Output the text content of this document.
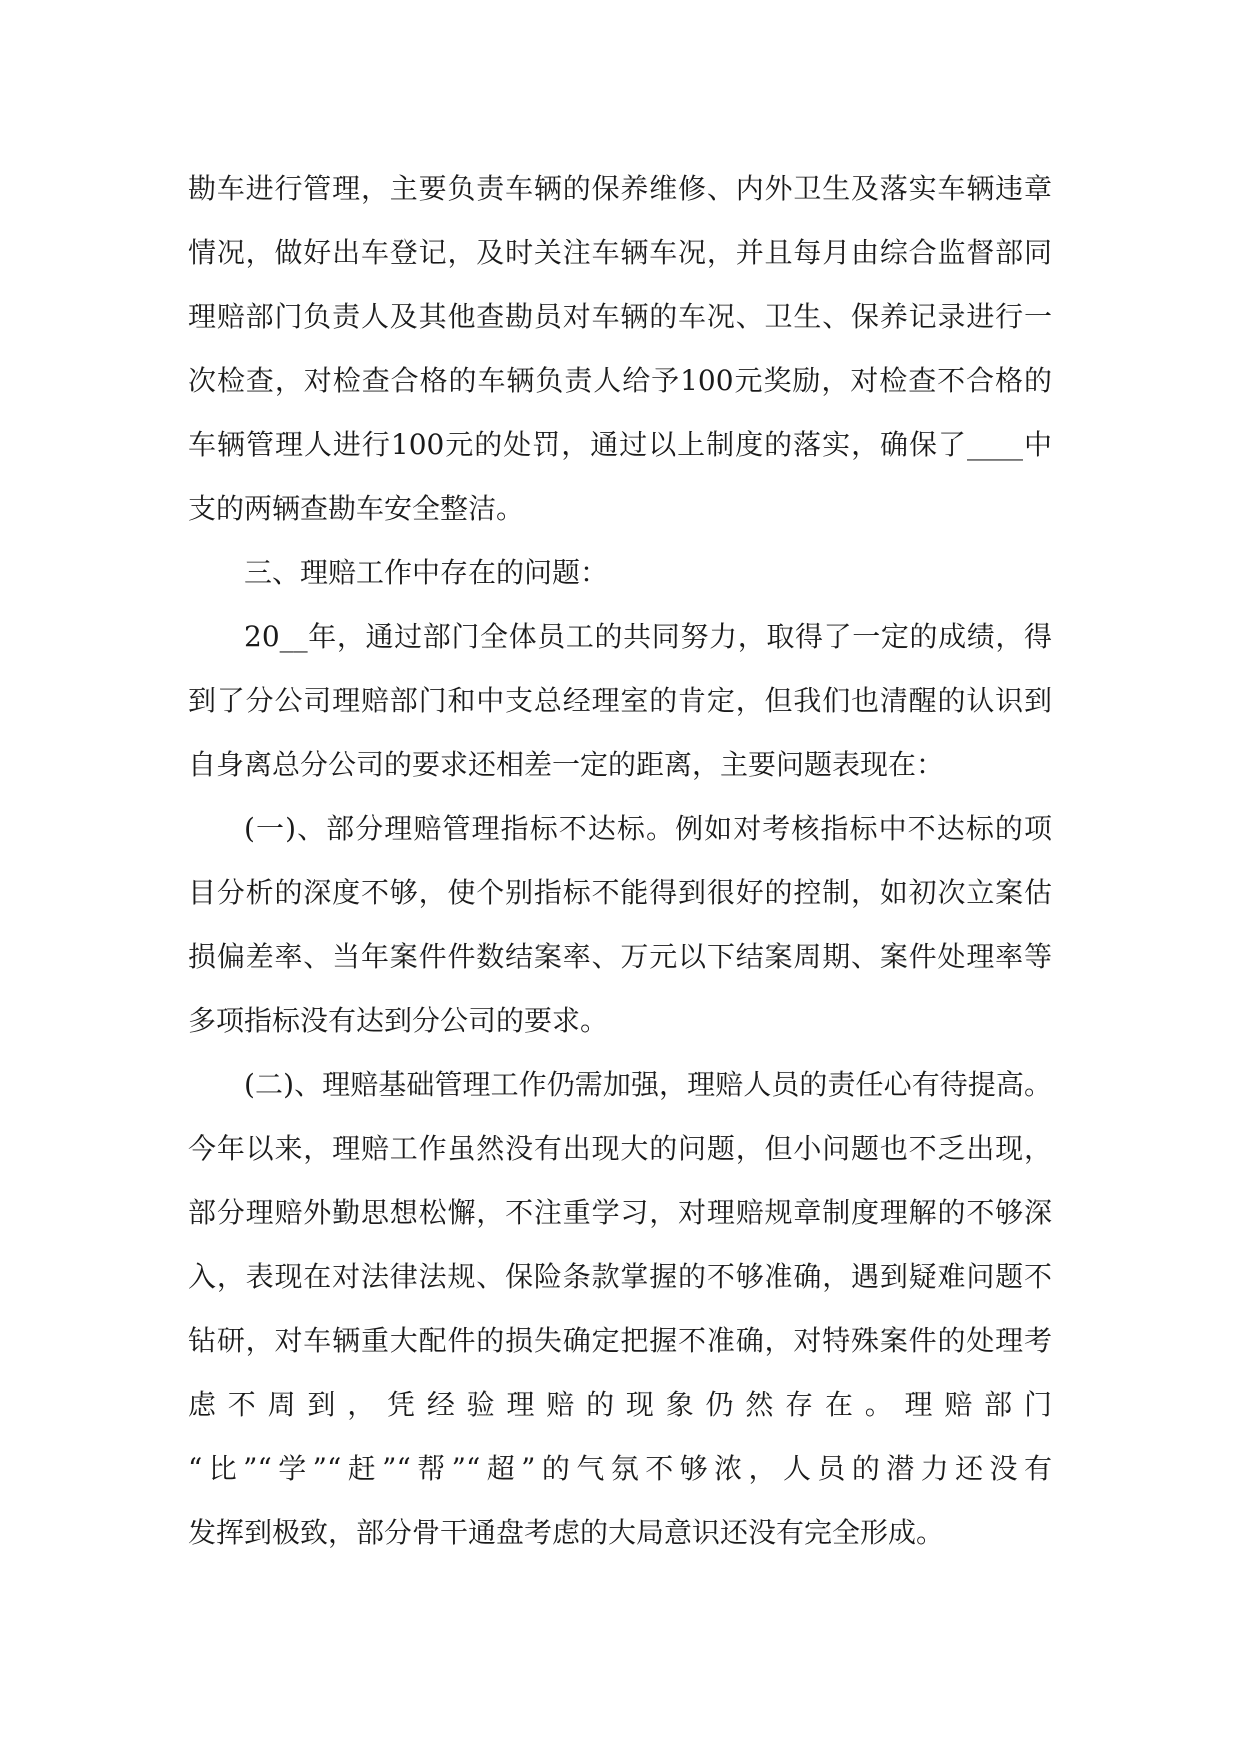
勘车进行管理，主要负责车辆的保养维修、内外卫生及落实车辆违章
情况，做好出车登记，及时关注车辆车况，并且每月由综合监督部同
理赔部门负责人及其他查勘员对车辆的车况、卫生、保养记录进行一
次检查，对检查合格的车辆负责人给予100元奖励，对检查不合格的
车辆管理人进行100元的处罚，通过以上制度的落实，确保了____中
支的两辆查勘车安全整洁。
三、理赔工作中存在的问题：
20__年，通过部门全体员工的共同努力，取得了一定的成绩，得
到了分公司理赔部门和中支总经理室的肯定，但我们也清醒的认识到
自身离总分公司的要求还相差一定的距离，主要问题表现在：
(一)、部分理赔管理指标不达标。例如对考核指标中不达标的项
目分析的深度不够，使个别指标不能得到很好的控制，如初次立案估
损偏差率、当年案件件数结案率、万元以下结案周期、案件处理率等
多项指标没有达到分公司的要求。
(二)、理赔基础管理工作仍需加强，理赔人员的责任心有待提高。
今年以来，理赔工作虽然没有出现大的问题，但小问题也不乏出现，
部分理赔外勤思想松懈，不注重学习，对理赔规章制度理解的不够深
入，表现在对法律法规、保险条款掌握的不够准确，遇到疑难问题不
钻研，对车辆重大配件的损失确定把握不准确，对特殊案件的处理考
虑不周到，凭经验理赔的现象仍然存在。理赔部门
“比”“学”“赶”“帮”“超”的气氛不够浓，人员的潜力还没有
发挥到极致，部分骨干通盘考虑的大局意识还没有完全形成。
